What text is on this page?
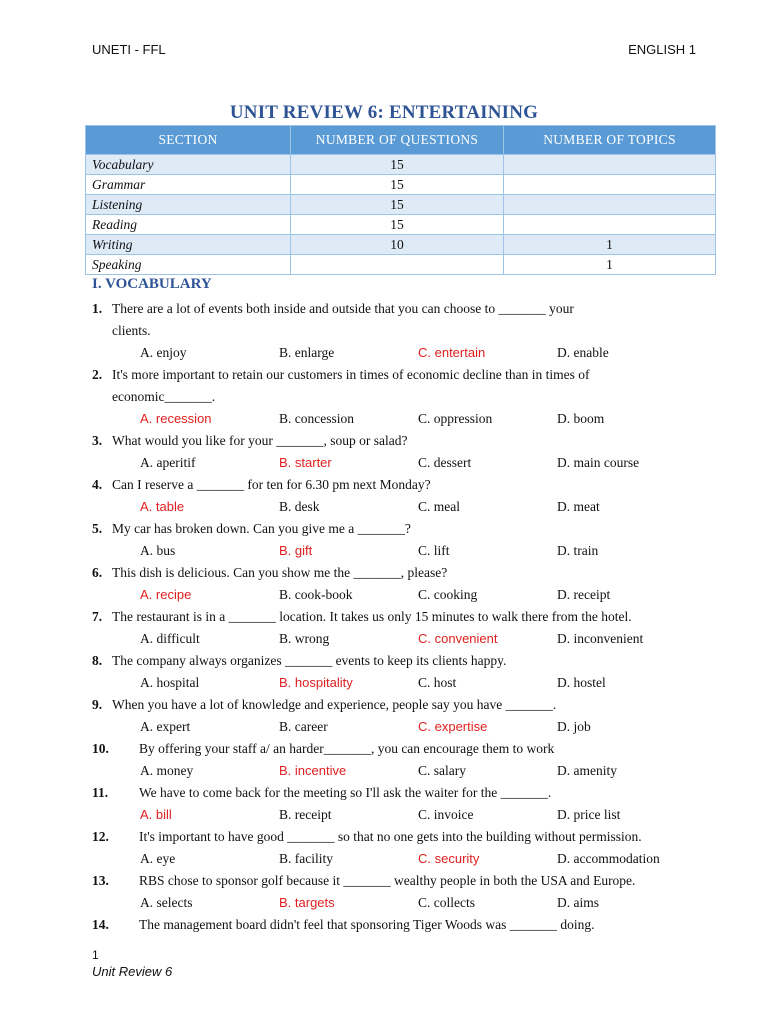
UNETI - FFL	ENGLISH 1
UNIT REVIEW 6: ENTERTAINING
SECTION	NUMBER OF QUESTIONS	NUMBER OF TOPICS
Vocabulary	15	
Grammar	15	
Listening	15	
Reading	15	
Writing	10	1
Speaking		1
I. VOCABULARY
1. There are a lot of events both inside and outside that you can choose to _______ your
clients.
A. enjoy	B. enlarge	C. entertain	D. enable
2. It's more important to retain our customers in times of economic decline than in times of
economic_______.
A. recession	B. concession	C. oppression	D. boom
3. What would you like for your _______, soup or salad?
A. aperitif	B. starter	C. dessert	D. main course
4. Can I reserve a _______ for ten for 6.30 pm next Monday?
A. table	B. desk	C. meal	D. meat
5. My car has broken down. Can you give me a _______?
A. bus	B. gift	C. lift	D. train
6. This dish is delicious. Can you show me the _______, please?
A. recipe	B. cook-book	C. cooking	D. receipt
7. The restaurant is in a _______ location. It takes us only 15 minutes to walk there from the hotel.
A. difficult	B. wrong	C. convenient	D. inconvenient
8. The company always organizes _______ events to keep its clients happy.
A. hospital	B. hospitality	C. host	D. hostel
9. When you have a lot of knowledge and experience, people say you have _______.
A. expert	B. career	C. expertise	D. job
10.	By offering your staff a/ an harder_______, you can encourage them to work
A. money	B. incentive	C. salary	D. amenity
11.	We have to come back for the meeting so I'll ask the waiter for the _______.
A. bill	B. receipt	C. invoice	D. price list
12.	It's important to have good _______ so that no one gets into the building without permission.
A. eye	B. facility	C. security	D. accommodation
13.	RBS chose to sponsor golf because it _______ wealthy people in both the USA and Europe.
A. selects	B. targets	C. collects	D. aims
14.	The management board didn't feel that sponsoring Tiger Woods was _______ doing.
1
Unit Review 6
